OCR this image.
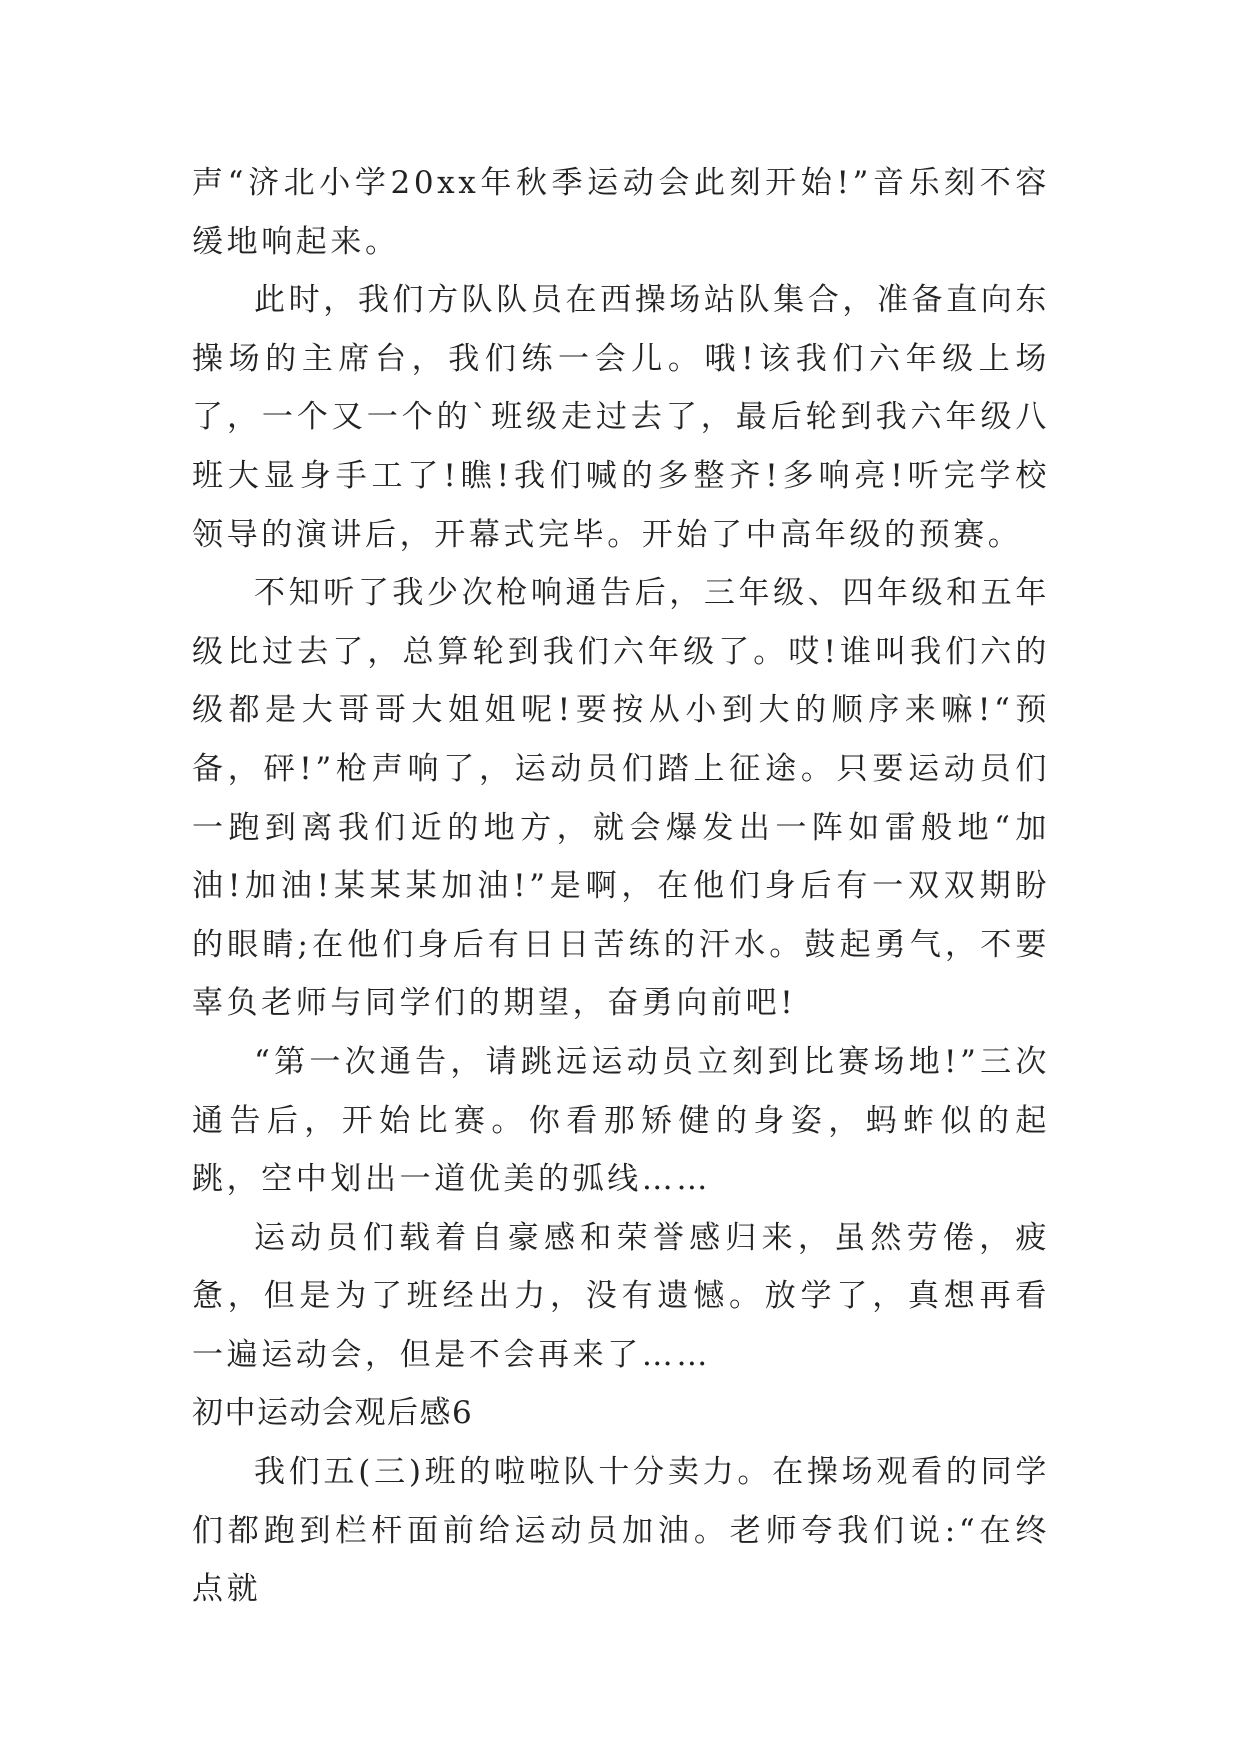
声“济北小学20xx年秋季运动会此刻开始!”音乐刻不容缓地响起来。

此时，我们方队队员在西操场站队集合，准备直向东操场的主席台，我们练一会儿。哦!该我们六年级上场了，一个又一个的`班级走过去了，最后轮到我六年级八班大显身手工了!瞧!我们喊的多整齐!多响亮!听完学校领导的演讲后，开幕式完毕。开始了中高年级的预赛。

不知听了我少次枪响通告后，三年级、四年级和五年级比过去了，总算轮到我们六年级了。哎!谁叫我们六的级都是大哥哥大姐姐呢!要按从小到大的顺序来嘛!“预备，砰!”枪声响了，运动员们踏上征途。只要运动员们一跑到离我们近的地方，就会爆发出一阵如雷般地“加油!加油!某某某加油!”是啊，在他们身后有一双双期盼的眼睛;在他们身后有日日苦练的汗水。鼓起勇气，不要辜负老师与同学们的期望，奋勇向前吧!

“第一次通告，请跳远运动员立刻到比赛场地!”三次通告后，开始比赛。你看那矫健的身姿，蚂蚱似的起跳，空中划出一道优美的弧线……

运动员们载着自豪感和荣誉感归来，虽然劳倦，疲惫，但是为了班经出力，没有遗憾。放学了，真想再看一遍运动会，但是不会再来了……

初中运动会观后感6

我们五(三)班的啦啦队十分卖力。在操场观看的同学们都跑到栏杆面前给运动员加油。老师夸我们说:“在终点就
